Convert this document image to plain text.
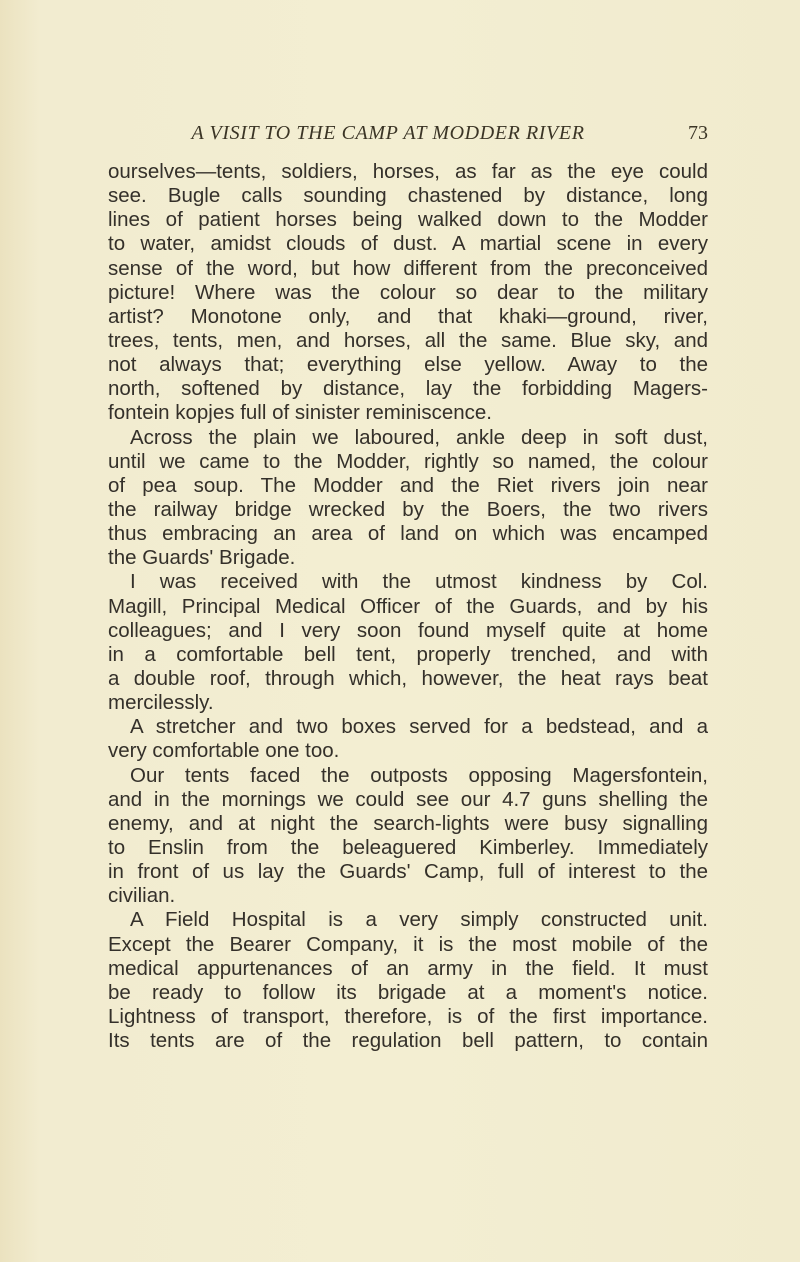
A VISIT TO THE CAMP AT MODDER RIVER	73
ourselves—tents, soldiers, horses, as far as the eye could
see. Bugle calls sounding chastened by distance, long
lines of patient horses being walked down to the Modder
to water, amidst clouds of dust. A martial scene in every
sense of the word, but how different from the preconceived
picture! Where was the colour so dear to the military
artist? Monotone only, and that khaki—ground, river,
trees, tents, men, and horses, all the same. Blue sky, and
not always that; everything else yellow. Away to the
north, softened by distance, lay the forbidding Magers-
fontein kopjes full of sinister reminiscence.
Across the plain we laboured, ankle deep in soft dust,
until we came to the Modder, rightly so named, the colour
of pea soup. The Modder and the Riet rivers join near
the railway bridge wrecked by the Boers, the two rivers
thus embracing an area of land on which was encamped
the Guards' Brigade.
I was received with the utmost kindness by Col.
Magill, Principal Medical Officer of the Guards, and by his
colleagues; and I very soon found myself quite at home
in a comfortable bell tent, properly trenched, and with
a double roof, through which, however, the heat rays beat
mercilessly.
A stretcher and two boxes served for a bedstead, and a
very comfortable one too.
Our tents faced the outposts opposing Magersfontein,
and in the mornings we could see our 4.7 guns shelling the
enemy, and at night the search-lights were busy signalling
to Enslin from the beleaguered Kimberley. Immediately
in front of us lay the Guards' Camp, full of interest to the
civilian.
A Field Hospital is a very simply constructed unit.
Except the Bearer Company, it is the most mobile of the
medical appurtenances of an army in the field. It must
be ready to follow its brigade at a moment's notice.
Lightness of transport, therefore, is of the first importance.
Its tents are of the regulation bell pattern, to contain
